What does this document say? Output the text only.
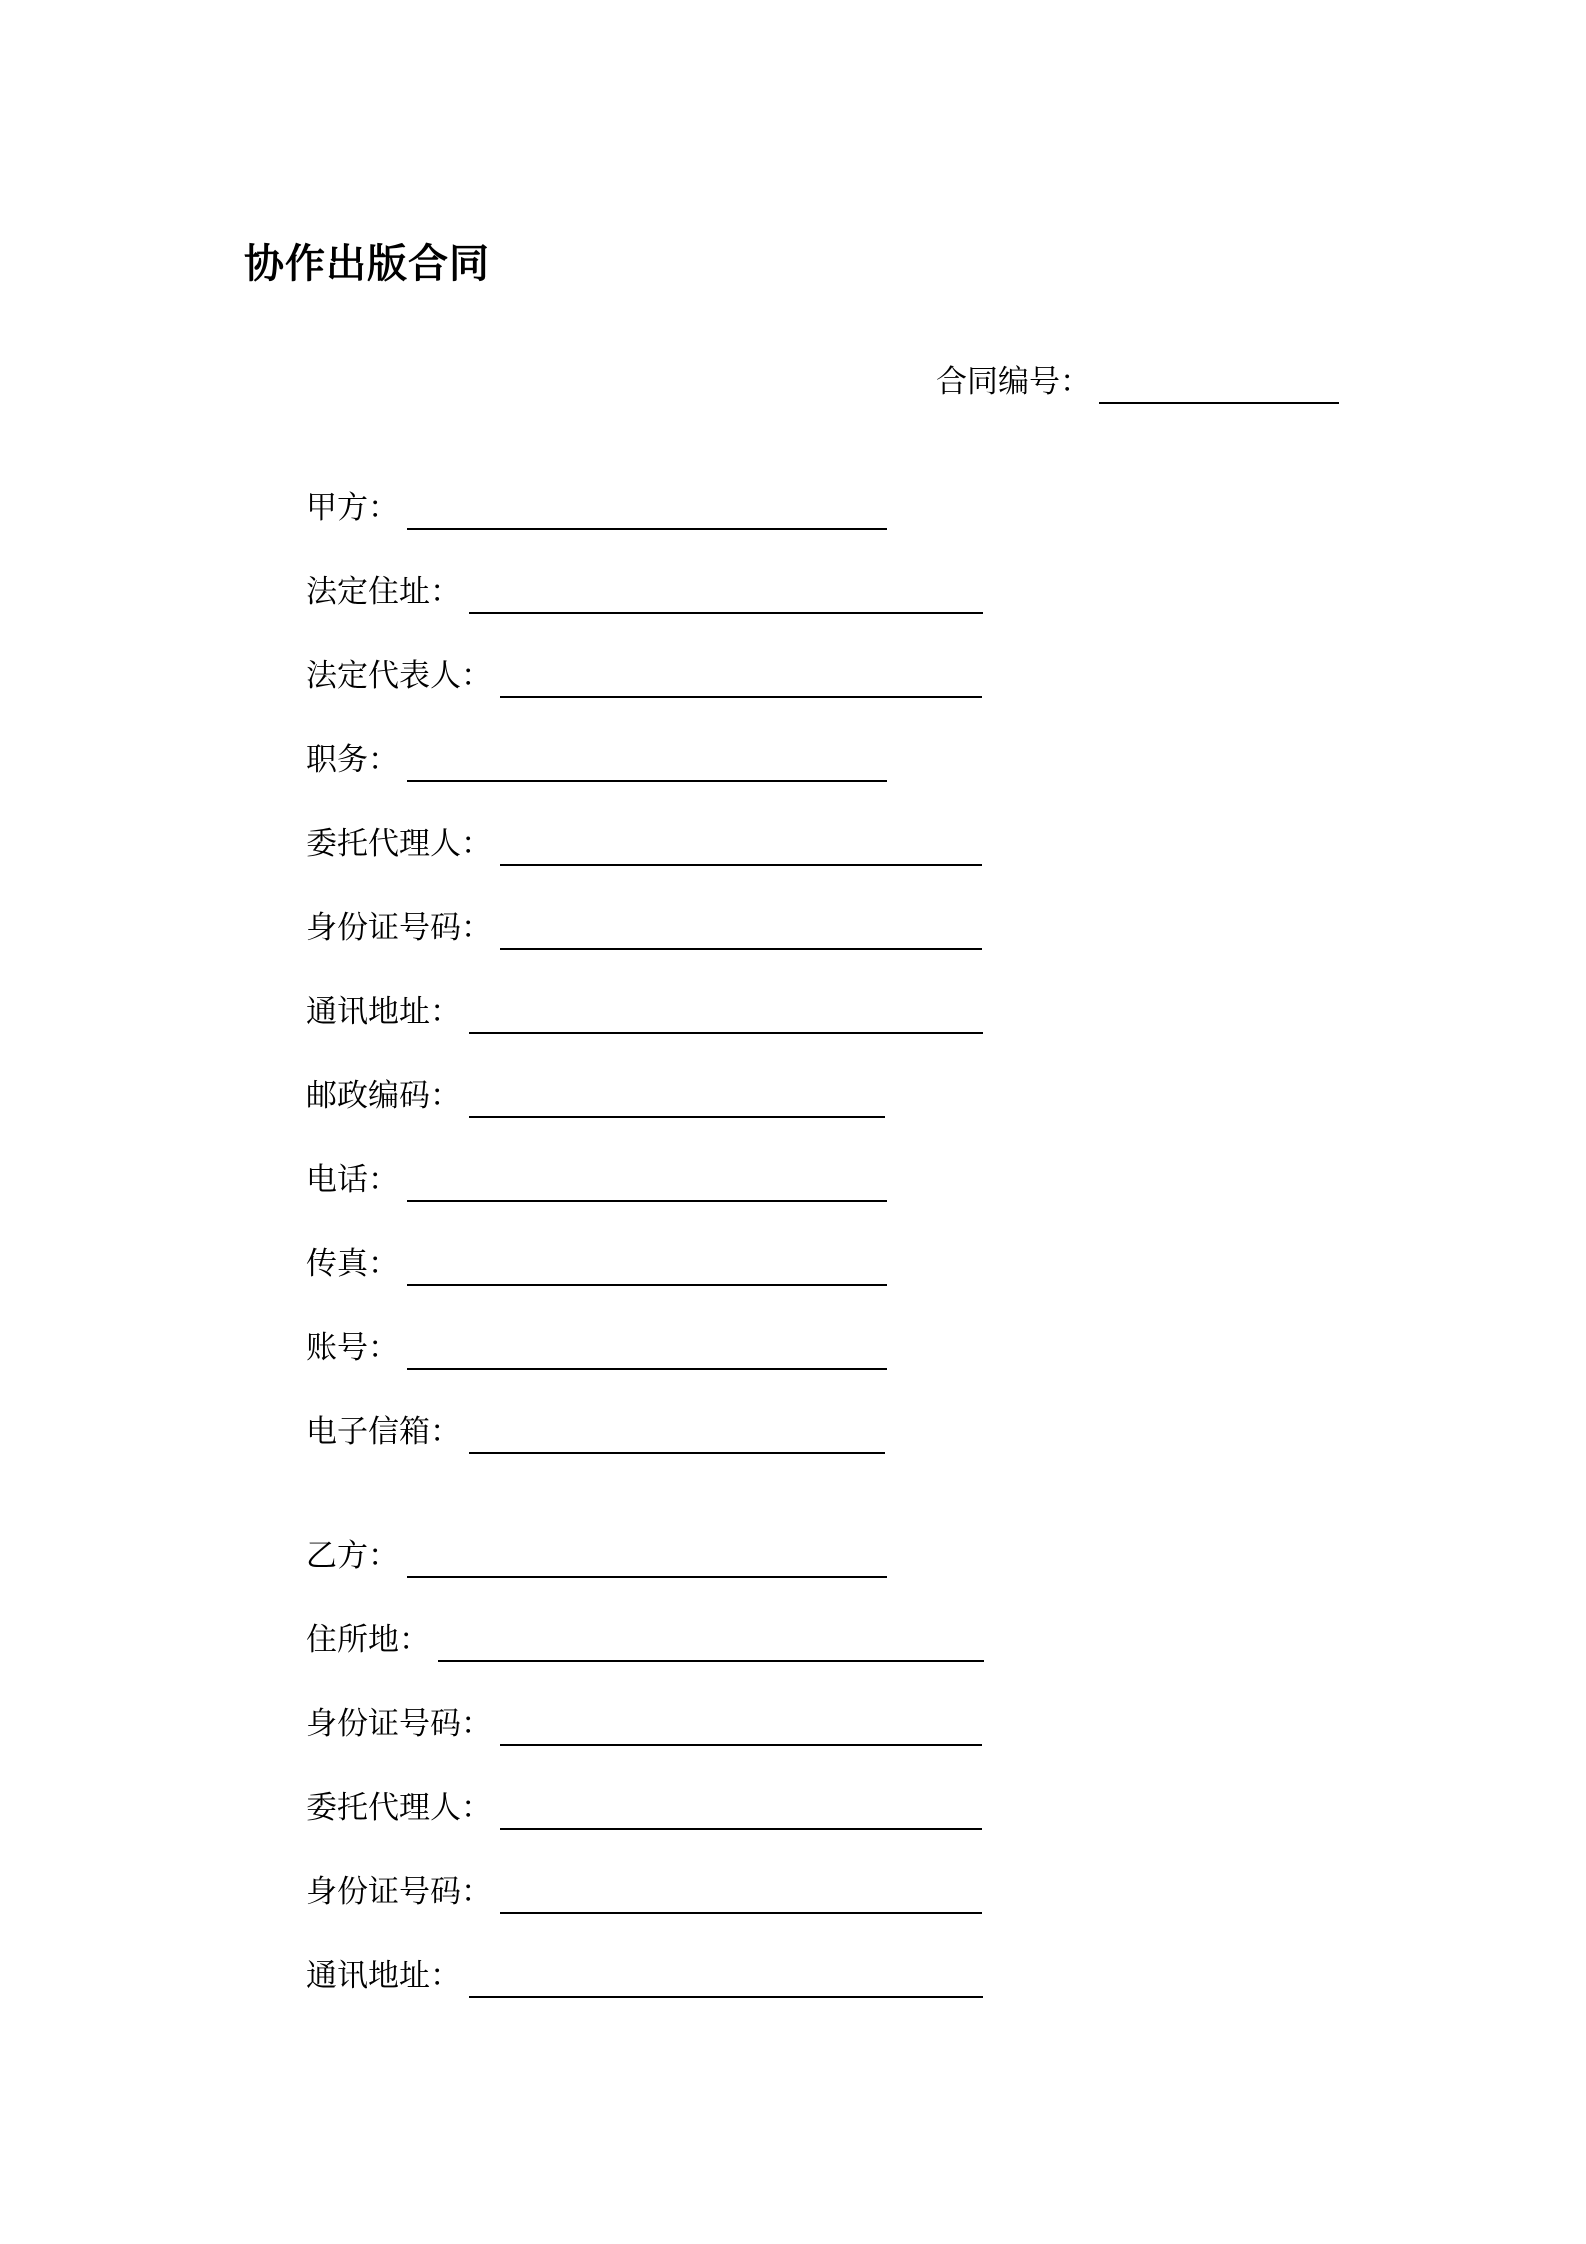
协作出版合同
合同编号：
甲方：
法定住址：
法定代表人：
职务：
委托代理人：
身份证号码：
通讯地址：
邮政编码：
电话：
传真：
账号：
电子信箱：
乙方：
住所地：
身份证号码：
委托代理人：
身份证号码：
通讯地址：
